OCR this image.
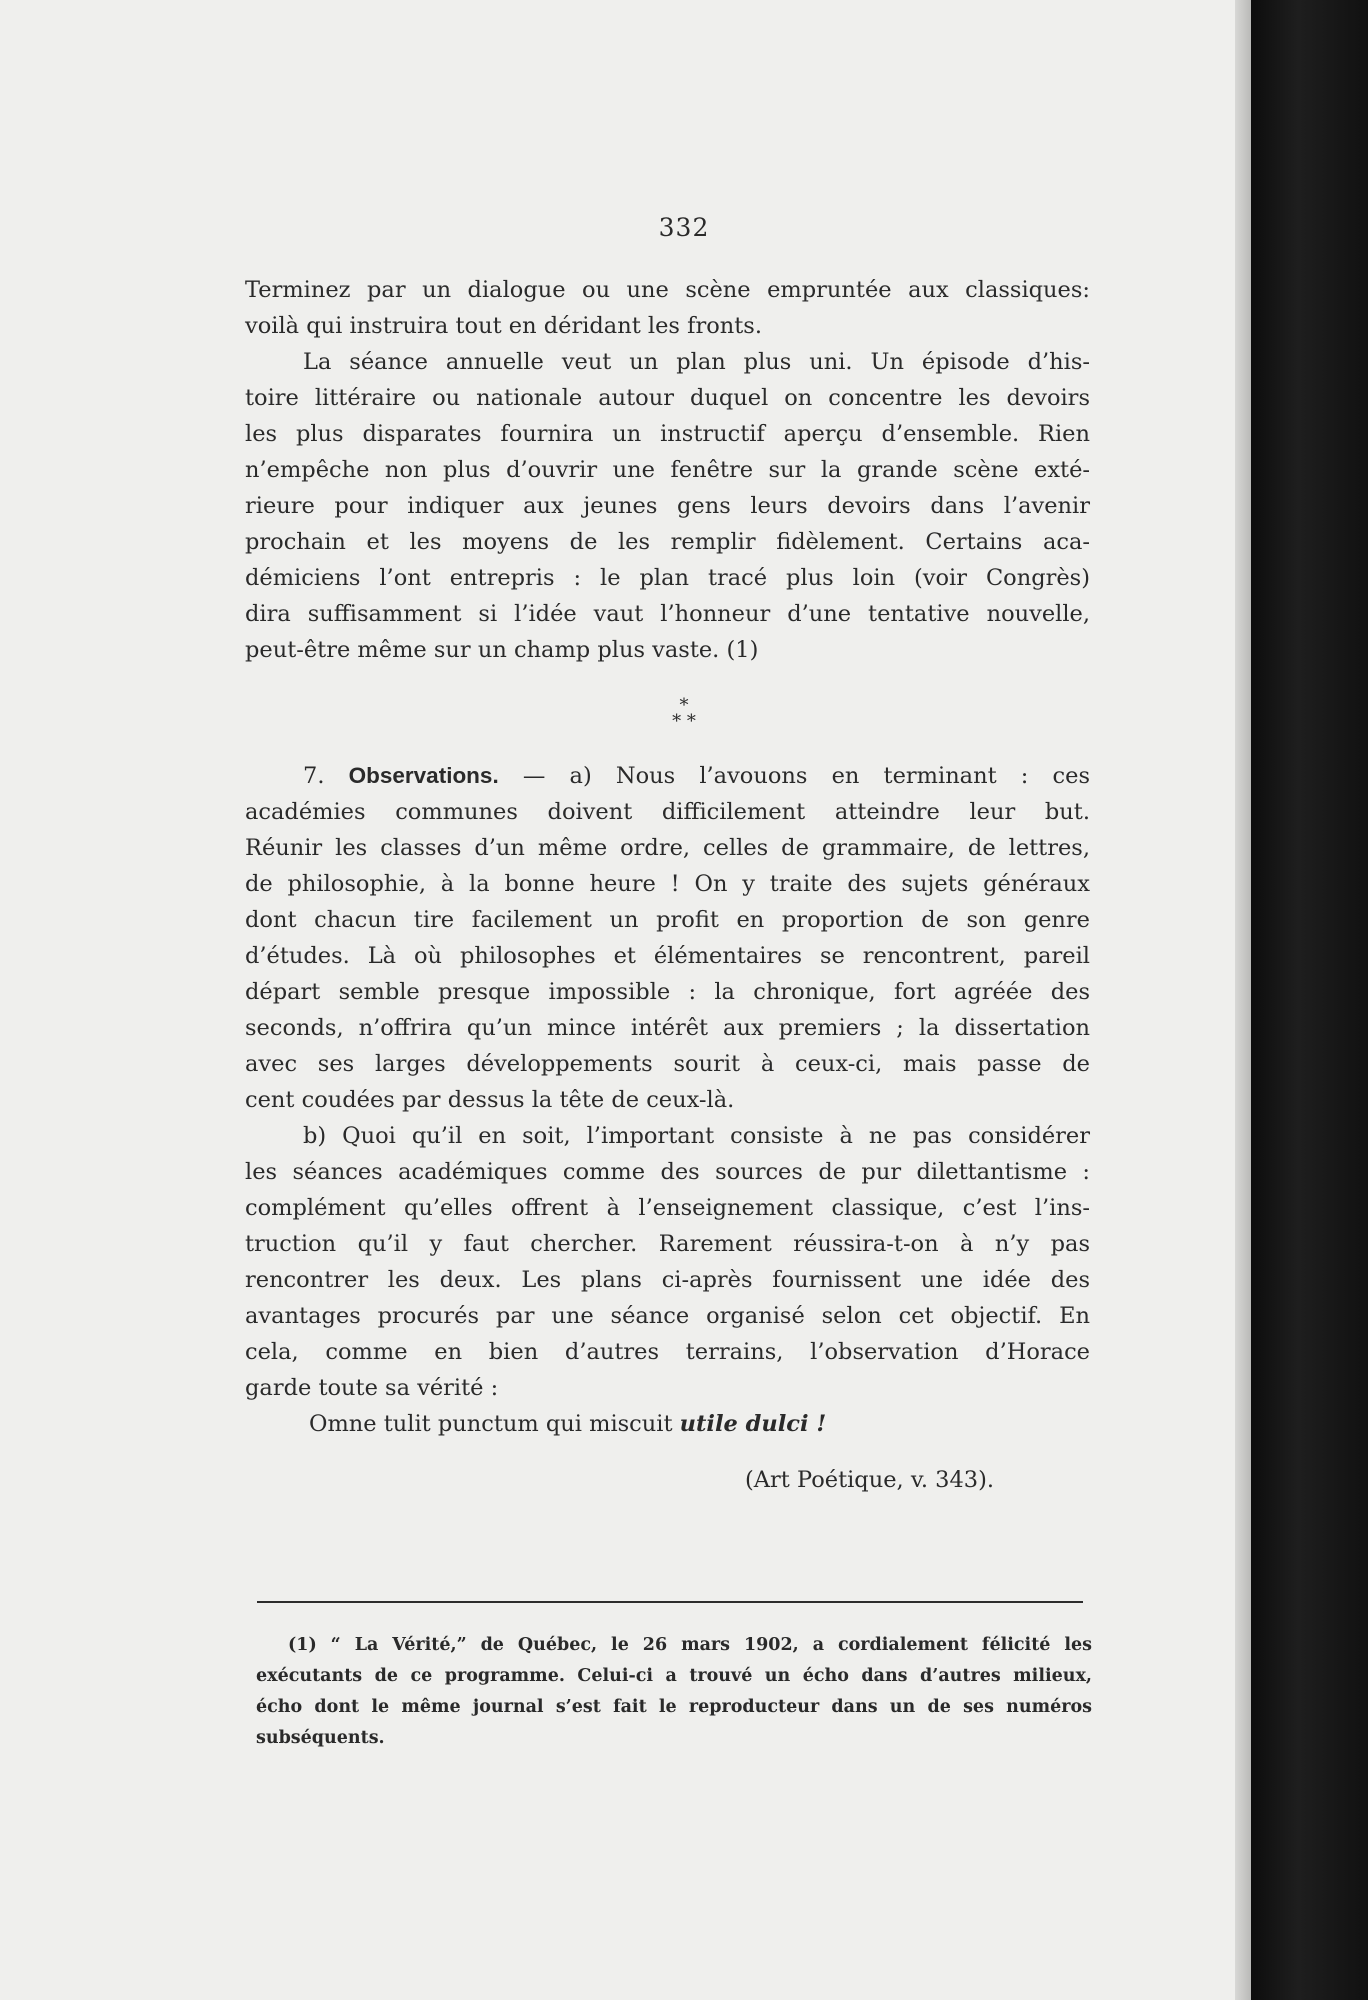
332
Terminez par un dialogue ou une scène empruntée aux classiques:
voilà qui instruira tout en déridant les fronts.
La séance annuelle veut un plan plus uni. Un épisode d’his-
toire littéraire ou nationale autour duquel on concentre les devoirs
les plus disparates fournira un instructif aperçu d’ensemble. Rien
n’empêche non plus d’ouvrir une fenêtre sur la grande scène exté-
rieure pour indiquer aux jeunes gens leurs devoirs dans l’avenir
prochain et les moyens de les remplir fidèlement. Certains aca-
démiciens l’ont entrepris : le plan tracé plus loin (voir Congrès)
dira suffisamment si l’idée vaut l’honneur d’une tentative nouvelle,
peut-être même sur un champ plus vaste. (1)
*
* *
7. Observations. — a) Nous l’avouons en terminant : ces
académies communes doivent difficilement atteindre leur but.
Réunir les classes d’un même ordre, celles de grammaire, de lettres,
de philosophie, à la bonne heure ! On y traite des sujets généraux
dont chacun tire facilement un profit en proportion de son genre
d’études. Là où philosophes et élémentaires se rencontrent, pareil
départ semble presque impossible : la chronique, fort agréée des
seconds, n’offrira qu’un mince intérêt aux premiers ; la dissertation
avec ses larges développements sourit à ceux-ci, mais passe de
cent coudées par dessus la tête de ceux-là.
b) Quoi qu’il en soit, l’important consiste à ne pas considérer
les séances académiques comme des sources de pur dilettantisme :
complément qu’elles offrent à l’enseignement classique, c’est l’ins-
truction qu’il y faut chercher. Rarement réussira-t-on à n’y pas
rencontrer les deux. Les plans ci-après fournissent une idée des
avantages procurés par une séance organisé selon cet objectif. En
cela, comme en bien d’autres terrains, l’observation d’Horace
garde toute sa vérité :
Omne tulit punctum qui miscuit utile dulci !
(Art Poétique, v. 343).
(1) “ La Vérité,” de Québec, le 26 mars 1902, a cordialement félicité les
exécutants de ce programme. Celui-ci a trouvé un écho dans d’autres milieux,
écho dont le même journal s’est fait le reproducteur dans un de ses numéros
subséquents.
